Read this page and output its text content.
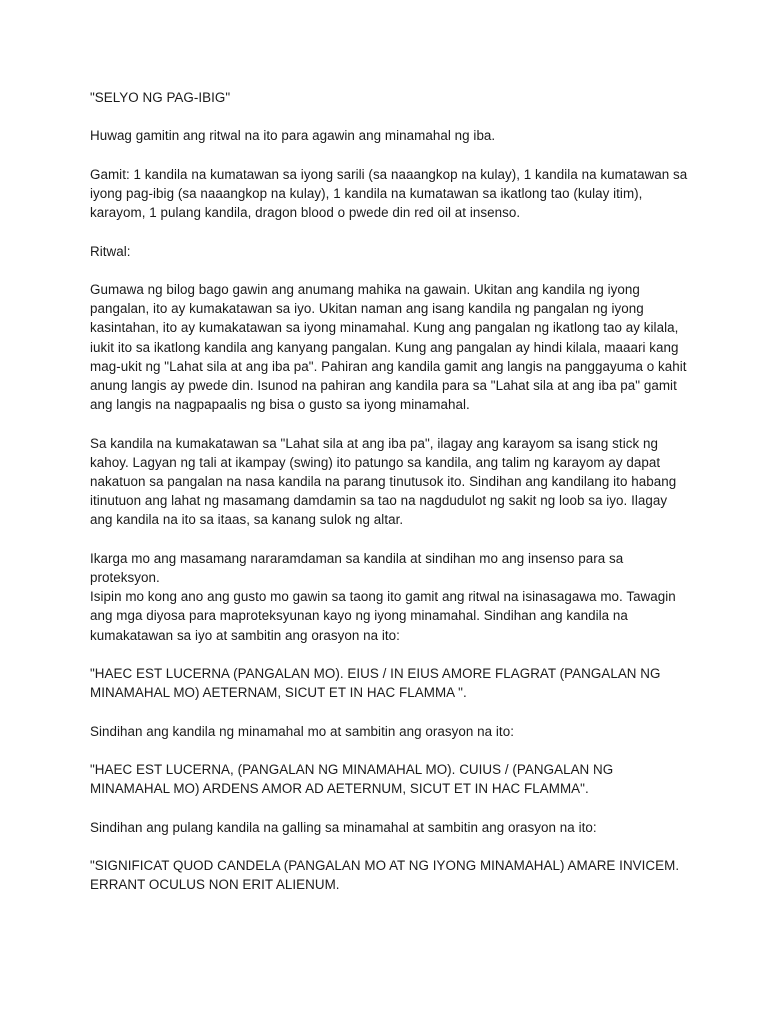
"SELYO NG PAG-IBIG"

Huwag gamitin ang ritwal na ito para agawin ang minamahal ng iba.

Gamit: 1 kandila na kumatawan sa iyong sarili (sa naaangkop na kulay), 1 kandila na kumatawan sa iyong pag-ibig (sa naaangkop na kulay), 1 kandila na kumatawan sa ikatlong tao (kulay itim), karayom, 1 pulang kandila, dragon blood o pwede din red oil at insenso.

Ritwal:

Gumawa ng bilog bago gawin ang anumang mahika na gawain. Ukitan ang kandila ng iyong pangalan, ito ay kumakatawan sa iyo. Ukitan naman ang isang kandila ng pangalan ng iyong kasintahan, ito ay kumakatawan sa iyong minamahal. Kung ang pangalan ng ikatlong tao ay kilala, iukit ito sa ikatlong kandila ang kanyang pangalan. Kung ang pangalan ay hindi kilala, maaari kang mag-ukit ng "Lahat sila at ang iba pa". Pahiran ang kandila gamit ang langis na panggayuma o kahit anung langis ay pwede din. Isunod na pahiran ang kandila para sa "Lahat sila at ang iba pa" gamit ang langis na nagpapaalis ng bisa o gusto sa iyong minamahal.

Sa kandila na kumakatawan sa "Lahat sila at ang iba pa", ilagay ang karayom sa isang stick ng kahoy. Lagyan ng tali at ikampay (swing) ito patungo sa kandila, ang talim ng karayom ay dapat nakatuon sa pangalan na nasa kandila na parang tinutusok ito. Sindihan ang kandilang ito habang itinutuon ang lahat ng masamang damdamin sa tao na nagdudulot ng sakit ng loob sa iyo. Ilagay ang kandila na ito sa itaas, sa kanang sulok ng altar.

Ikarga mo ang masamang nararamdaman sa kandila at sindihan mo ang insenso para sa proteksyon.

Isipin mo kong ano ang gusto mo gawin sa taong ito gamit ang ritwal na isinasagawa mo. Tawagin ang mga diyosa para maproteksyunan kayo ng iyong minamahal. Sindihan ang kandila na kumakatawan sa iyo at sambitin ang orasyon na ito:

"HAEC EST LUCERNA (PANGALAN MO). EIUS / IN EIUS AMORE FLAGRAT (PANGALAN NG MINAMAHAL MO) AETERNAM, SICUT ET IN HAC FLAMMA ".

Sindihan ang kandila ng minamahal mo at sambitin ang orasyon na ito:

"HAEC EST LUCERNA, (PANGALAN NG MINAMAHAL MO). CUIUS / (PANGALAN NG MINAMAHAL MO) ARDENS AMOR AD AETERNUM, SICUT ET IN HAC FLAMMA".

Sindihan ang pulang kandila na galling sa minamahal at sambitin ang orasyon na ito:

"SIGNIFICAT QUOD CANDELA (PANGALAN MO AT NG IYONG MINAMAHAL) AMARE INVICEM.

ERRANT OCULUS NON ERIT ALIENUM.
